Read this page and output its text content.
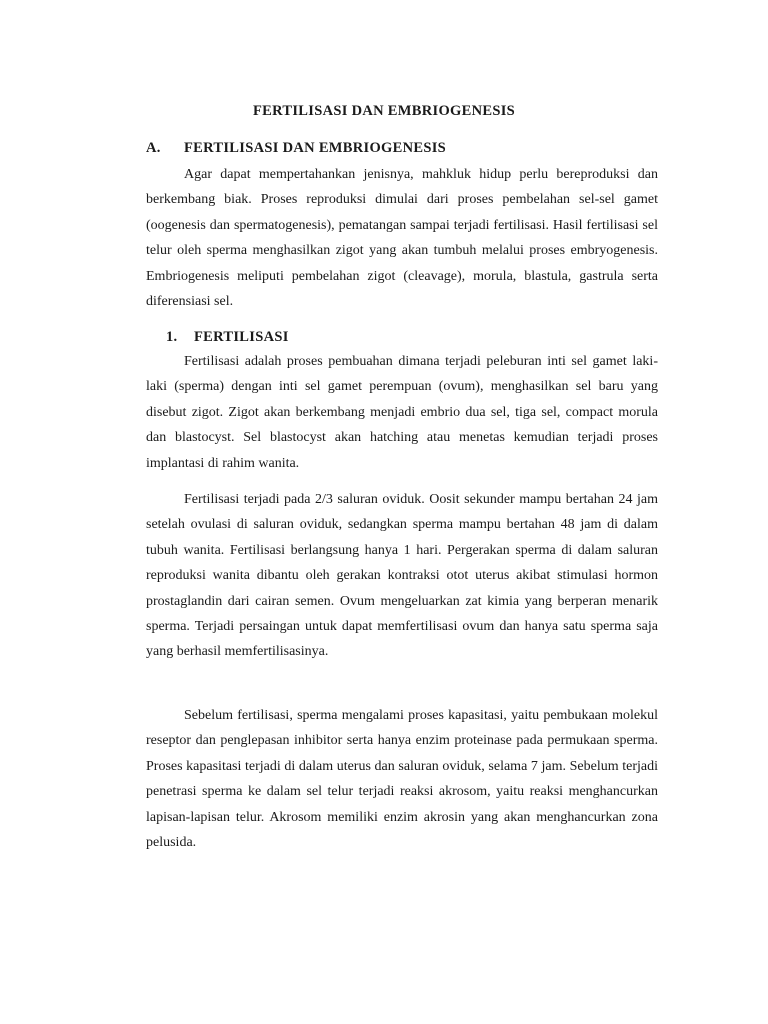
FERTILISASI DAN EMBRIOGENESIS
A. FERTILISASI DAN EMBRIOGENESIS

Agar dapat mempertahankan jenisnya, mahkluk hidup perlu bereproduksi dan berkembang biak. Proses reproduksi dimulai dari proses pembelahan sel-sel gamet (oogenesis dan spermatogenesis), pematangan sampai terjadi fertilisasi. Hasil fertilisasi sel telur oleh sperma menghasilkan zigot yang akan tumbuh melalui proses embryogenesis. Embriogenesis meliputi pembelahan zigot (cleavage), morula, blastula, gastrula serta diferensiasi sel.

1. FERTILISASI

Fertilisasi adalah proses pembuahan dimana terjadi peleburan inti sel gamet laki-laki (sperma) dengan inti sel gamet perempuan (ovum), menghasilkan sel baru yang disebut zigot. Zigot akan berkembang menjadi embrio dua sel, tiga sel, compact morula dan blastocyst. Sel blastocyst akan hatching atau menetas kemudian terjadi proses implantasi di rahim wanita.

Fertilisasi terjadi pada 2/3 saluran oviduk. Oosit sekunder mampu bertahan 24 jam setelah ovulasi di saluran oviduk, sedangkan sperma mampu bertahan 48 jam di dalam tubuh wanita. Fertilisasi berlangsung hanya 1 hari. Pergerakan sperma di dalam saluran reproduksi wanita dibantu oleh gerakan kontraksi otot uterus akibat stimulasi hormon prostaglandin dari cairan semen. Ovum mengeluarkan zat kimia yang berperan menarik sperma. Terjadi persaingan untuk dapat memfertilisasi ovum dan hanya satu sperma saja yang berhasil memfertilisasinya.

Sebelum fertilisasi, sperma mengalami proses kapasitasi, yaitu pembukaan molekul reseptor dan penglepasan inhibitor serta hanya enzim proteinase pada permukaan sperma. Proses kapasitasi terjadi di dalam uterus dan saluran oviduk, selama 7 jam. Sebelum terjadi penetrasi sperma ke dalam sel telur terjadi reaksi akrosom, yaitu reaksi menghancurkan lapisan-lapisan telur. Akrosom memiliki enzim akrosin yang akan menghancurkan zona pelusida.
